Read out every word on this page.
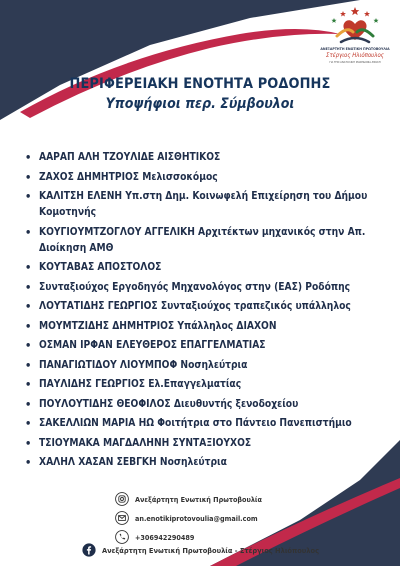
ΑΝΕΞΑΡΤΗΤΗ ΕΝΩΤΙΚΗ ΠΡΩΤΟΒΟΥΛΙΑ
Στέργιος Ηλιόπουλος
ΓΙΑ ΤΗΝ ΑΝΑΤΟΛΙΚΗ ΜΑΚΕΔΟΝΙΑ-ΘΡΑΚΗ
ΠΕΡΙΦΕΡΕΙΑΚΗ ΕΝΟΤΗΤΑ ΡΟΔΟΠΗΣ
Υποψήφιοι περ. Σύμβουλοι
• ΑΑΡΑΠ ΑΛΗ ΤΖΟΥΛΙΔΕ ΑΙΣΘΗΤΙΚΟΣ
• ΖΑΧΟΣ ΔΗΜΗΤΡΙΟΣ Μελισσοκόμος
• ΚΑΛΙΤΣΗ ΕΛΕΝΗ Υπ.στη Δημ. Κοινωφελή Επιχείρηση του Δήμου Κομοτηνής
• ΚΟΥΓΙΟΥΜΤΖΟΓΛΟΥ ΑΓΓΕΛΙΚΗ Αρχιτέκτων μηχανικός στην Απ. Διοίκηση ΑΜΘ
• ΚΟΥΤΑΒΑΣ ΑΠΟΣΤΟΛΟΣ
• Συνταξιούχος Εργοδηγός Μηχανολόγος στην (ΕΑΣ) Ροδόπης
• ΛΟΥΤΑΤΙΔΗΣ ΓΕΩΡΓΙΟΣ Συνταξιούχος τραπεζικός υπάλληλος
• ΜΟΥΜΤΖΙΔΗΣ ΔΗΜΗΤΡΙΟΣ Υπάλληλος ΔΙΑΧΟΝ
• ΟΣΜΑΝ ΙΡΦΑΝ ΕΛΕΥΘΕΡΟΣ ΕΠΑΓΓΕΛΜΑΤΙΑΣ
• ΠΑΝΑΓΙΩΤΙΔΟΥ ΛΙΟΥΜΠΟΦ Νοσηλεύτρια
• ΠΑΥΛΙΔΗΣ ΓΕΩΡΓΙΟΣ Ελ.Επαγγελματίας
• ΠΟΥΛΟΥΤΙΔΗΣ ΘΕΟΦΙΛΟΣ Διευθυντής ξενοδοχείου
• ΣΑΚΕΛΛΙΩΝ ΜΑΡΙΑ ΗΩ Φοιτήτρια στο Πάντειο Πανεπιστήμιο
• ΤΣΙΟΥΜΑΚΑ ΜΑΓΔΑΛΗΝΗ ΣΥΝΤΑΞΙΟΥΧΟΣ
• ΧΑΛΗΛ ΧΑΣΑΝ ΣΕΒΓΚΗ Νοσηλεύτρια
Ανεξάρτητη Ενωτική Πρωτοβουλία
an.enotikiprotovoulia@gmail.com
+306942290489
Ανεξάρτητη Ενωτική Πρωτοβουλία - Στέργιος Ηλιόπουλος
